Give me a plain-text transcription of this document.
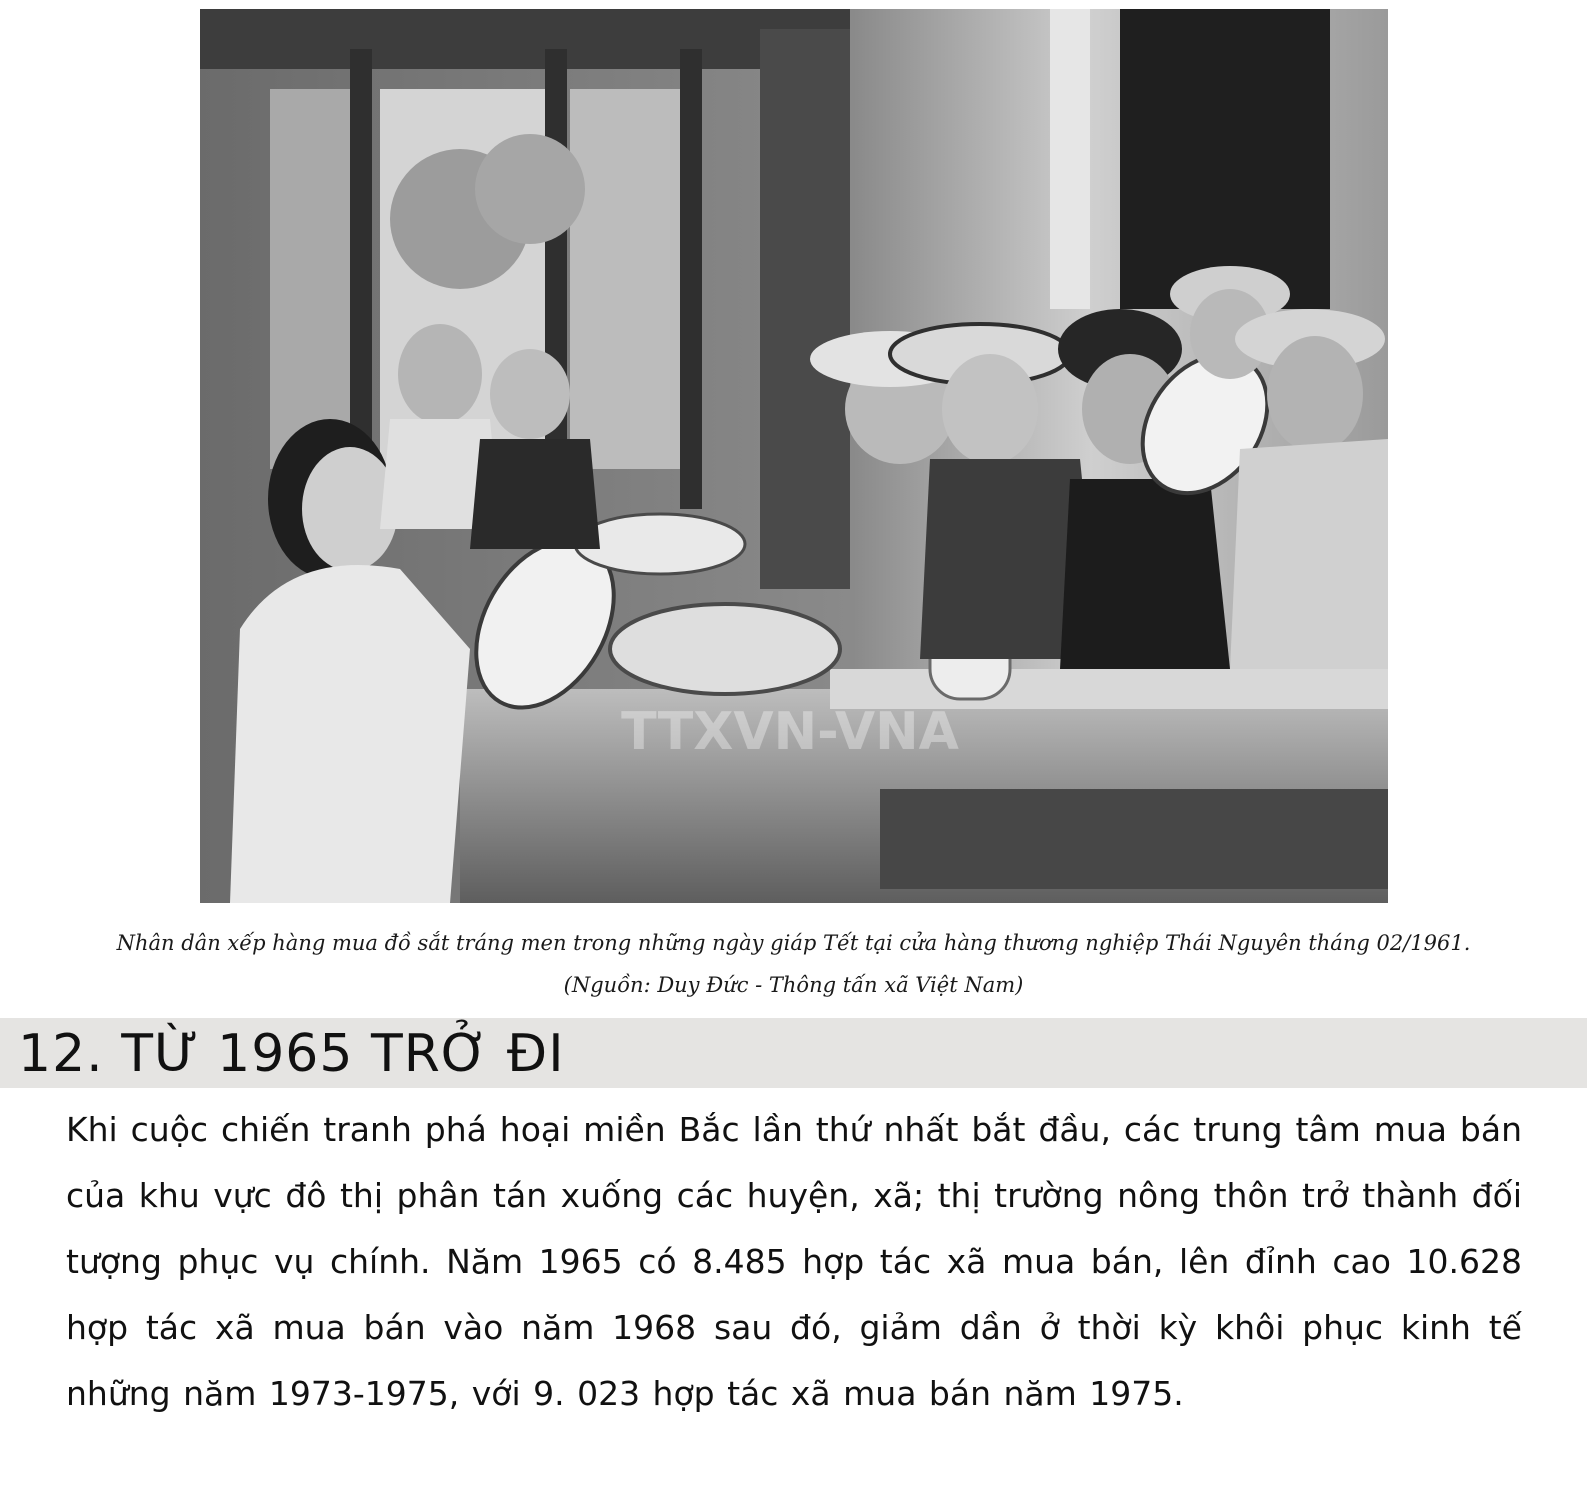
TTXVN-VNA
Nhân dân xếp hàng mua đồ sắt tráng men trong những ngày giáp Tết tại cửa hàng thương nghiệp Thái Nguyên tháng 02/1961.
(Nguồn: Duy Đức - Thông tấn xã Việt Nam)
12. TỪ 1965 TRỞ ĐI

Khi cuộc chiến tranh phá hoại miền Bắc lần thứ nhất bắt đầu, các trung tâm mua bán của khu vực đô thị phân tán xuống các huyện, xã; thị trường nông thôn trở thành đối tượng phục vụ chính. Năm 1965 có 8.485 hợp tác xã mua bán, lên đỉnh cao 10.628 hợp tác xã mua bán vào năm 1968 sau đó, giảm dần ở thời kỳ khôi phục kinh tế những năm 1973-1975, với 9. 023 hợp tác xã mua bán năm 1975.
